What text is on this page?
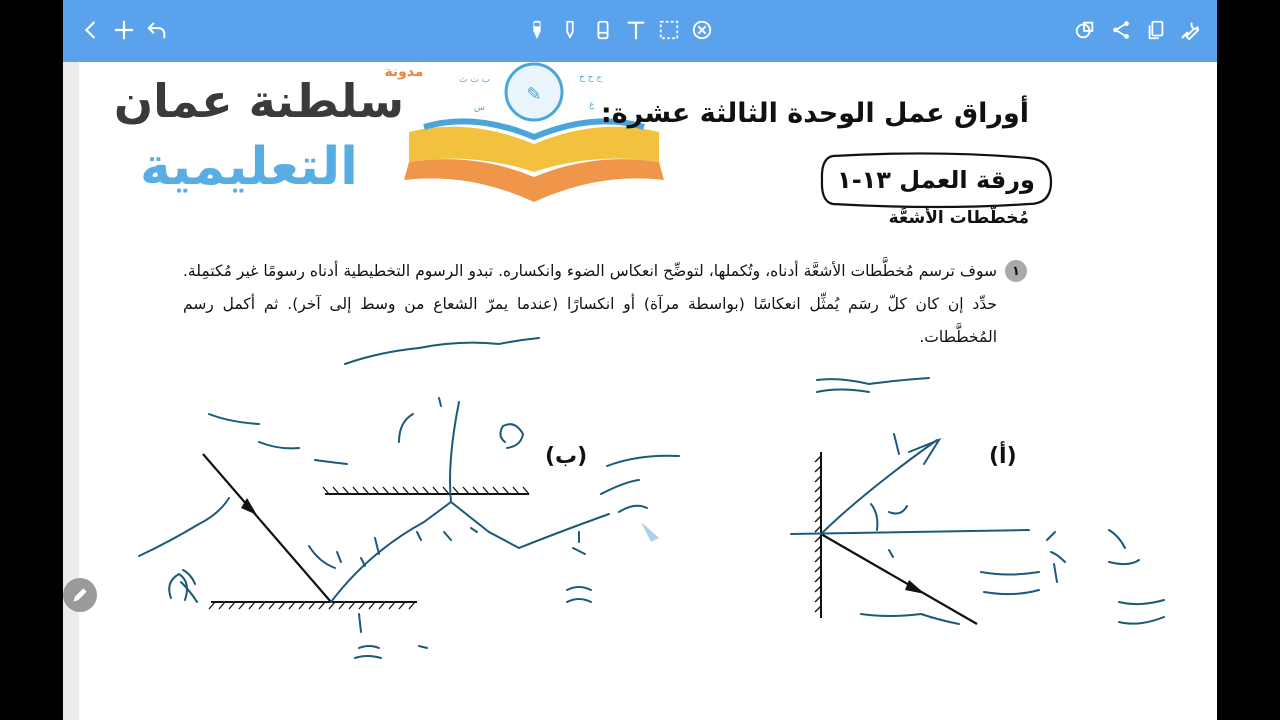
✎
ب ت ث	ج ح خ
س	ع
سلطنة عمان
التعليمية
مدونة
أوراق عمل الوحدة الثالثة عشرة:
ورقة العمل ١٣-١
مُخطّطات الأشعَّة
١
سوف ترسم مُخطَّطات الأشعَّة أدناه، وتُكملها، لتوضِّح انعكاس الضوء وانكساره. تبدو الرسوم التخطيطية أدناه رسومًا غير مُكتمِلة. حدِّد إن كان كلّ رسَم يُمثِّل انعكاسًا (بواسطة مرآة) أو انكسارًا (عندما يمرّ الشعاع من وسط إلى آخر). ثم أكمل رسم المُخطَّطات.
(ب)	(أ)
